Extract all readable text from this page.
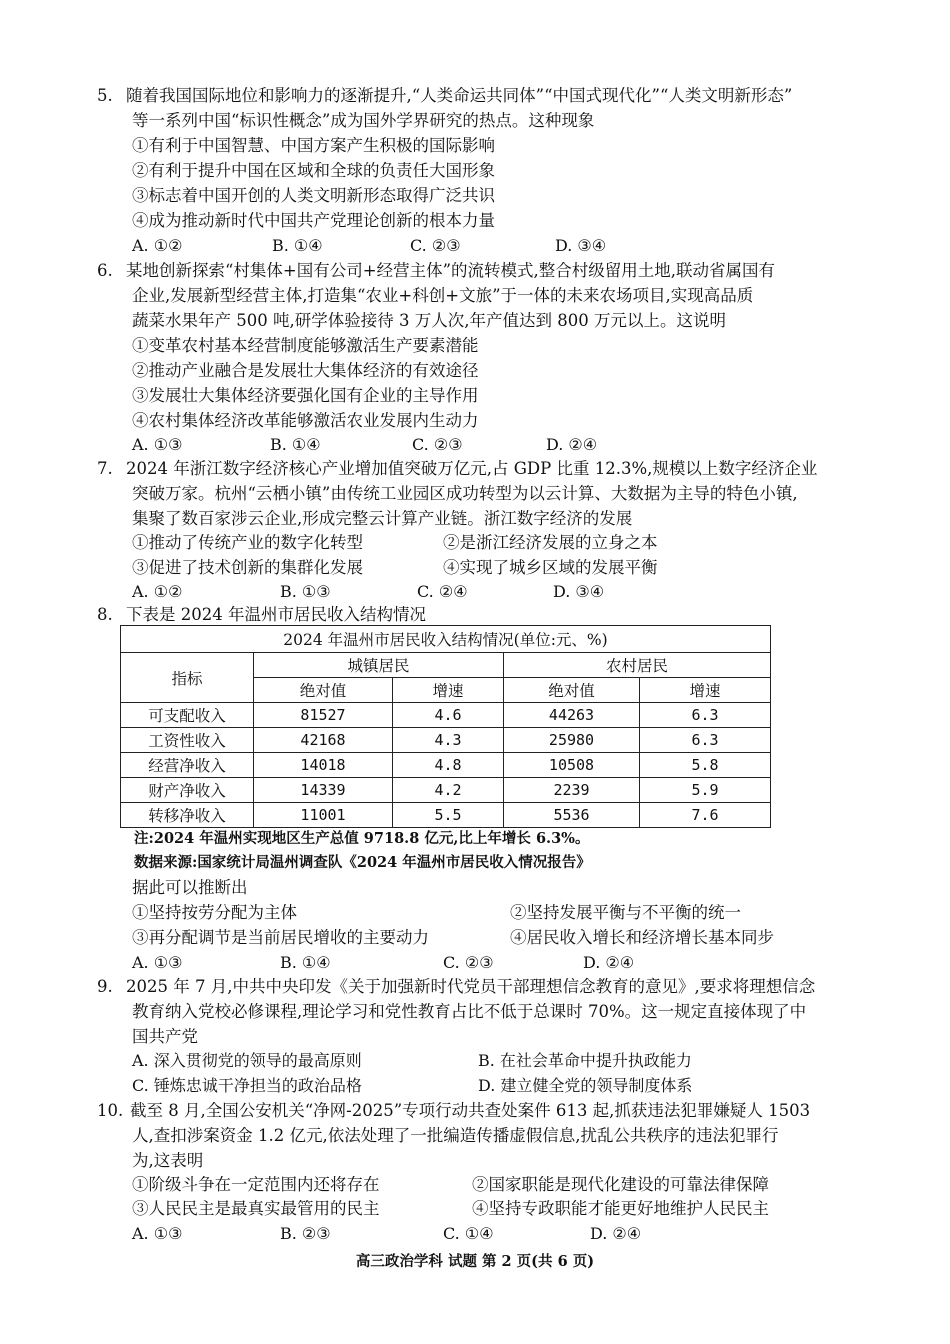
5. 随着我国国际地位和影响力的逐渐提升,“人类命运共同体”“中国式现代化”“人类文明新形态”
等一系列中国“标识性概念”成为国外学界研究的热点。这种现象
①有利于中国智慧、中国方案产生积极的国际影响
②有利于提升中国在区域和全球的负责任大国形象
③标志着中国开创的人类文明新形态取得广泛共识
④成为推动新时代中国共产党理论创新的根本力量
A. ①②	B. ①④	C. ②③	D. ③④
6. 某地创新探索“村集体+国有公司+经营主体”的流转模式,整合村级留用土地,联动省属国有
企业,发展新型经营主体,打造集“农业+科创+文旅”于一体的未来农场项目,实现高品质
蔬菜水果年产 500 吨,研学体验接待 3 万人次,年产值达到 800 万元以上。这说明
①变革农村基本经营制度能够激活生产要素潜能
②推动产业融合是发展壮大集体经济的有效途径
③发展壮大集体经济要强化国有企业的主导作用
④农村集体经济改革能够激活农业发展内生动力
A. ①③	B. ①④	C. ②③	D. ②④
7. 2024 年浙江数字经济核心产业增加值突破万亿元,占 GDP 比重 12.3%,规模以上数字经济企业
突破万家。杭州“云栖小镇”由传统工业园区成功转型为以云计算、大数据为主导的特色小镇,
集聚了数百家涉云企业,形成完整云计算产业链。浙江数字经济的发展
①推动了传统产业的数字化转型	②是浙江经济发展的立身之本
③促进了技术创新的集群化发展	④实现了城乡区域的发展平衡
A. ①②	B. ①③	C. ②④	D. ③④
8. 下表是 2024 年温州市居民收入结构情况
2024 年温州市居民收入结构情况(单位:元、%)				
指标	城镇居民		农村居民	
	绝对值	增速	绝对值	增速
可支配收入	81527	4.6	44263	6.3
工资性收入	42168	4.3	25980	6.3
经营净收入	14018	4.8	10508	5.8
财产净收入	14339	4.2	2239	5.9
转移净收入	11001	5.5	5536	7.6
注:2024 年温州实现地区生产总值 9718.8 亿元,比上年增长 6.3%。
数据来源:国家统计局温州调查队《2024 年温州市居民收入情况报告》
据此可以推断出
①坚持按劳分配为主体	②坚持发展平衡与不平衡的统一
③再分配调节是当前居民增收的主要动力	④居民收入增长和经济增长基本同步
A. ①③	B. ①④	C. ②③	D. ②④
9. 2025 年 7 月,中共中央印发《关于加强新时代党员干部理想信念教育的意见》,要求将理想信念
教育纳入党校必修课程,理论学习和党性教育占比不低于总课时 70%。这一规定直接体现了中
国共产党
A. 深入贯彻党的领导的最高原则	B. 在社会革命中提升执政能力
C. 锤炼忠诚干净担当的政治品格	D. 建立健全党的领导制度体系
10. 截至 8 月,全国公安机关“净网-2025”专项行动共查处案件 613 起,抓获违法犯罪嫌疑人 1503
人,查扣涉案资金 1.2 亿元,依法处理了一批编造传播虚假信息,扰乱公共秩序的违法犯罪行
为,这表明
①阶级斗争在一定范围内还将存在	②国家职能是现代化建设的可靠法律保障
③人民民主是最真实最管用的民主	④坚持专政职能才能更好地维护人民民主
A. ①③	B. ②③	C. ①④	D. ②④
高三政治学科 试题 第 2 页(共 6 页)
